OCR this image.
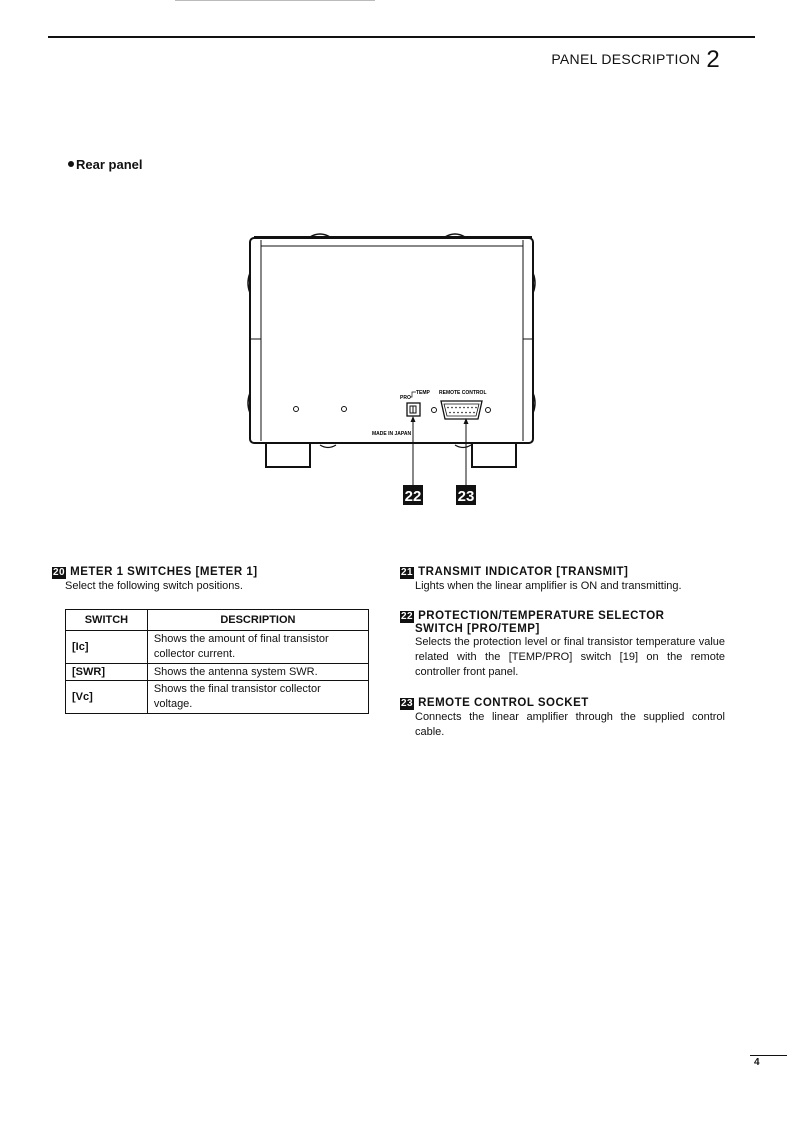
PANEL DESCRIPTION 2
Rear panel
PRO
TEMP REMOTE CONTROL
MADE IN JAPAN
22 23
20 METER 1 SWITCHES [METER 1]
Select the following switch positions.
SWITCH	DESCRIPTION
[Ic]	Shows the amount of final transistor collector current.
[SWR]	Shows the antenna system SWR.
[Vc]	Shows the final transistor collector voltage.
21 TRANSMIT INDICATOR [TRANSMIT]
Lights when the linear amplifier is ON and transmitting.
22 PROTECTION/TEMPERATURE SELECTOR
SWITCH [PRO/TEMP]
Selects the protection level or final transistor temperature value related with the [TEMP/PRO] switch [19] on the remote controller front panel.
23 REMOTE CONTROL SOCKET
Connects the linear amplifier through the supplied control cable.
4
